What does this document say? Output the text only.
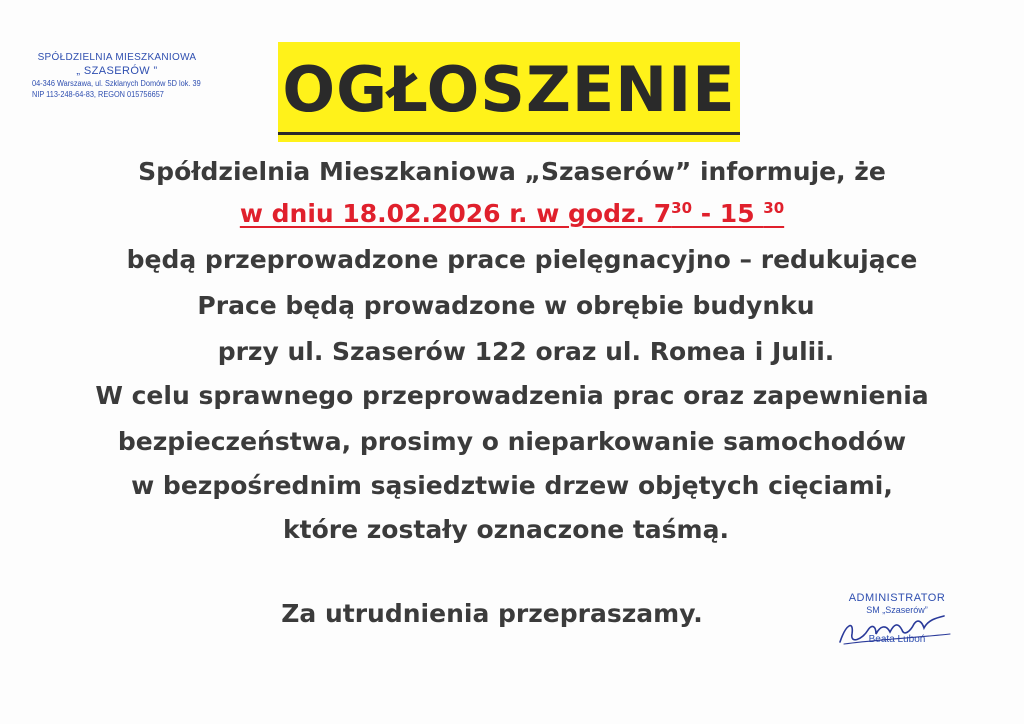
SPÓŁDZIELNIA MIESZKANIOWA
„ SZASERÓW ”
04-346 Warszawa, ul. Szklanych Domów 5D lok. 39
NIP 113-248-64-83, REGON 015756657	OGŁOSZENIE
Spółdzielnia Mieszkaniowa „Szaserów” informuje, że
w dniu 18.02.2026 r. w godz. $7^{30} - 15$ $^{30}$
będą przeprowadzone prace pielęgnacyjno – redukujące
Prace będą prowadzone w obrębie budynku
przy ul. Szaserów 122 oraz ul. Romea i Julii.
W celu sprawnego przeprowadzenia prac oraz zapewnienia
bezpieczeństwa, prosimy o nieparkowanie samochodów
w bezpośrednim sąsiedztwie drzew objętych cięciami,
które zostały oznaczone taśmą.
Za utrudnienia przepraszamy.
ADMINISTRATOR
SM „Szaserów”
Beata Luboń
